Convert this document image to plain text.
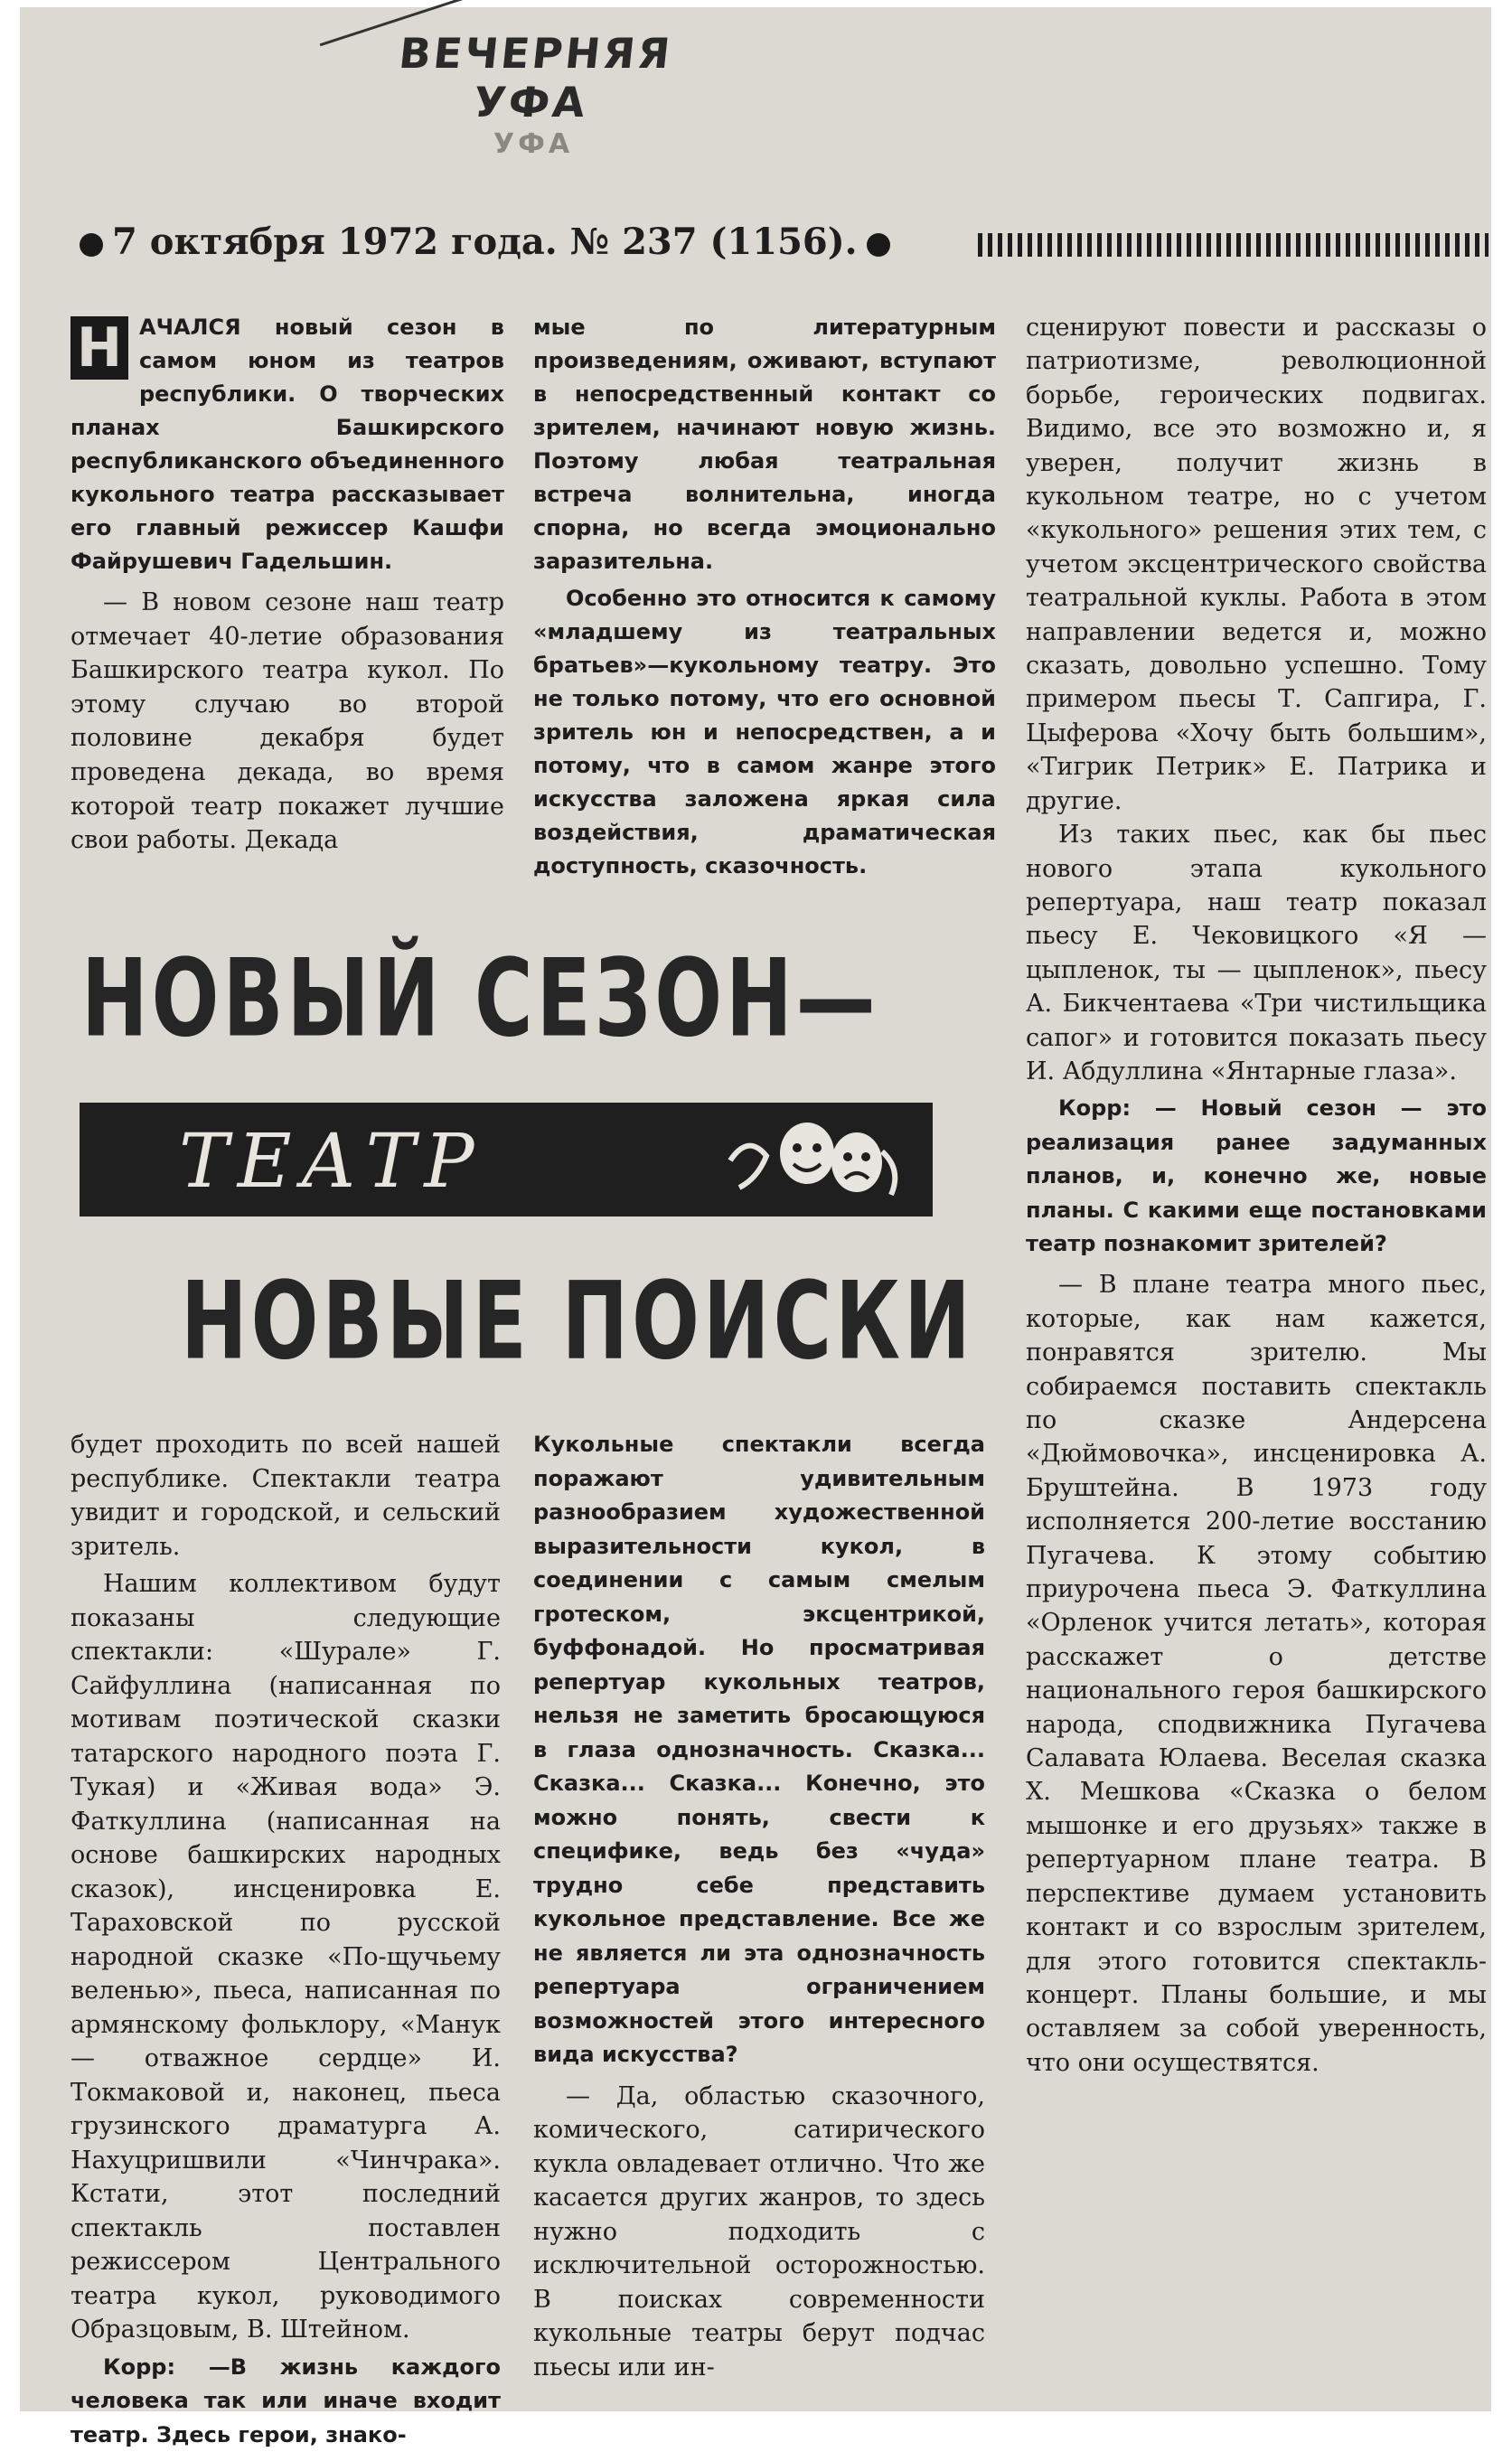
ВЕЧЕРНЯЯ УФА
УФА
7 октября 1972 года. № 237 (1156).

Н АЧАЛСЯ новый сезон в самом юном из театров республики. О творческих планах Башкирского республиканского объединенного кукольного театра рассказывает его главный режиссер Кашфи Файрушевич Гадельшин.

— В новом сезоне наш театр отмечает 40-летие образования Башкирского театра кукол. По этому случаю во второй половине декабря будет проведена декада, во время которой театр покажет лучшие свои работы. Декада

мые по литературным произведениям, оживают, вступают в непосредственный контакт со зрителем, начинают новую жизнь. Поэтому любая театральная встреча волнительна, иногда спорна, но всегда эмоционально заразительна.

Особенно это относится к самому «младшему из театральных братьев»—кукольному театру. Это не только потому, что его основной зритель юн и непосредствен, а и потому, что в самом жанре этого искусства заложена яркая сила воздействия, драматическая доступность, сказочность.

сценируют повести и рассказы о патриотизме, революционной борьбе, героических подвигах. Видимо, все это возможно и, я уверен, получит жизнь в кукольном театре, но с учетом «кукольного» решения этих тем, с учетом эксцентрического свойства театральной куклы. Работа в этом направлении ведется и, можно сказать, довольно успешно. Тому примером пьесы Т. Сапгира, Г. Цыферова «Хочу быть большим», «Тигрик Петрик» Е. Патрика и другие.

Из таких пьес, как бы пьес нового этапа кукольного репертуара, наш театр показал пьесу Е. Чековицкого «Я — цыпленок, ты — цыпленок», пьесу А. Бикчентаева «Три чистильщика сапог» и готовится показать пьесу И. Абдуллина «Янтарные глаза».

Корр: — Новый сезон — это реализация ранее задуманных планов, и, конечно же, новые планы. С какими еще постановками театр познакомит зрителей?

— В плане театра много пьес, которые, как нам кажется, понравятся зрителю. Мы собираемся поставить спектакль по сказке Андерсена «Дюймовочка», инсценировка А. Бруштейна. В 1973 году исполняется 200-летие восстанию Пугачева. К этому событию приурочена пьеса Э. Фаткуллина «Орленок учится летать», которая расскажет о детстве национального героя башкирского народа, сподвижника Пугачева Салавата Юлаева. Веселая сказка Х. Мешкова «Сказка о белом мышонке и его друзьях» также в репертуарном плане театра. В перспективе думаем установить контакт и со взрослым зрителем, для этого готовится спектакль-концерт. Планы большие, и мы оставляем за собой уверенность, что они осуществятся.

НОВЫЙ СЕЗОН—
ТЕАТР
НОВЫЕ ПОИСКИ

будет проходить по всей нашей республике. Спектакли театра увидит и городской, и сельский зритель.

Нашим коллективом будут показаны следующие спектакли: «Шурале» Г. Сайфуллина (написанная по мотивам поэтической сказки татарского народного поэта Г. Тукая) и «Живая вода» Э. Фаткуллина (написанная на основе башкирских народных сказок), инсценировка Е. Тараховской по русской народной сказке «По-щучьему веленью», пьеса, написанная по армянскому фольклору, «Манук — отважное сердце» И. Токмаковой и, наконец, пьеса грузинского драматурга А. Нахуцришвили «Чинчрака». Кстати, этот последний спектакль поставлен режиссером Центрального театра кукол, руководимого Образцовым, В. Штейном.

Корр: —В жизнь каждого человека так или иначе входит театр. Здесь герои, знако-

Кукольные спектакли всегда поражают удивительным разнообразием художественной выразительности кукол, в соединении с самым смелым гротеском, эксцентрикой, буффонадой. Но просматривая репертуар кукольных театров, нельзя не заметить бросающуюся в глаза однозначность. Сказка... Сказка... Сказка... Конечно, это можно понять, свести к специфике, ведь без «чуда» трудно себе представить кукольное представление. Все же не является ли эта однозначность репертуара ограничением возможностей этого интересного вида искусства?

— Да, областью сказочного, комического, сатирического кукла овладевает отлично. Что же касается других жанров, то здесь нужно подходить с исключительной осторожностью. В поисках современности кукольные театры берут подчас пьесы или ин-
